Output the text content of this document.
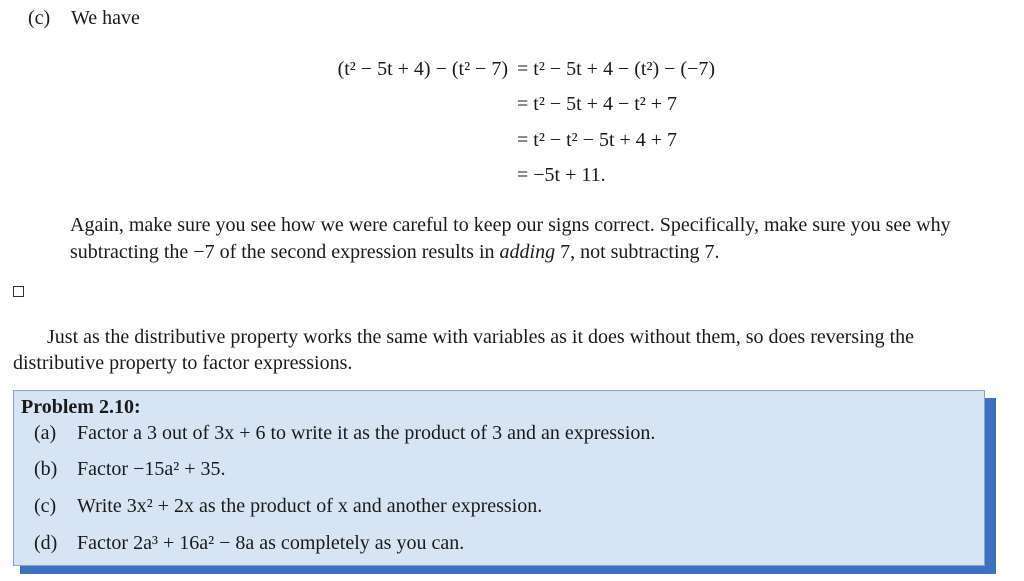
(c) We have
(t² − 5t + 4) − (t² − 7) = t² − 5t + 4 − (t²) − (−7)
= t² − 5t + 4 − t² + 7
= t² − t² − 5t + 4 + 7
= −5t + 11.
Again, make sure you see how we were careful to keep our signs correct. Specifically, make sure you see why subtracting the −7 of the second expression results in adding 7, not subtracting 7.
Just as the distributive property works the same with variables as it does without them, so does reversing the distributive property to factor expressions.
Problem 2.10:
(a) Factor a 3 out of 3x + 6 to write it as the product of 3 and an expression.
(b) Factor −15a² + 35.
(c) Write 3x² + 2x as the product of x and another expression.
(d) Factor 2a³ + 16a² − 8a as completely as you can.
